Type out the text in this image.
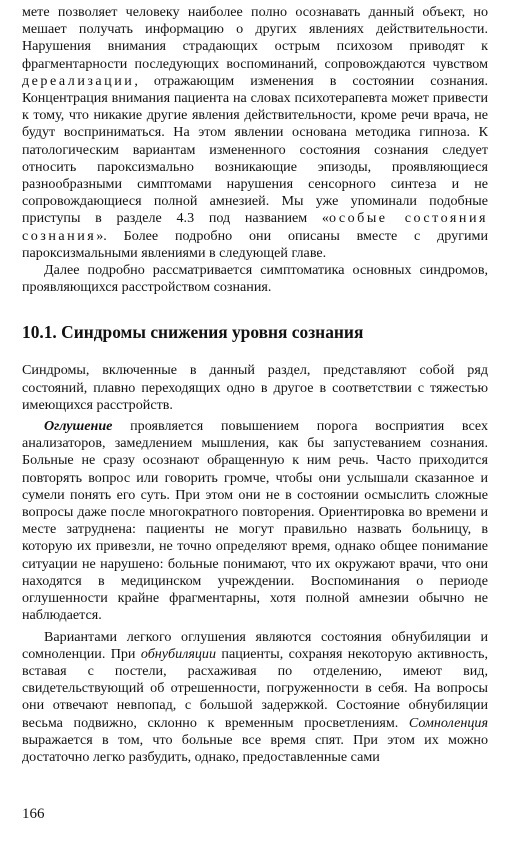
мете позволяет человеку наиболее полно осознавать данный объект, но мешает получать информацию о других явлениях действительности. Нарушения внимания страдающих острым психозом приводят к фрагментарности последующих воспоминаний, сопровождаются чувством дереализации, отражающим изменения в состоянии сознания. Концентрация внимания пациента на словах психотерапевта может привести к тому, что никакие другие явления действительности, кроме речи врача, не будут восприниматься. На этом явлении основана методика гипноза. К патологическим вариантам измененного состояния сознания следует относить пароксизмально возникающие эпизоды, проявляющиеся разнообразными симптомами нарушения сенсорного синтеза и не сопровождающиеся полной амнезией. Мы уже упоминали подобные приступы в разделе 4.3 под названием «особые состояния сознания». Более подробно они описаны вместе с другими пароксизмальными явлениями в следующей главе.

Далее подробно рассматривается симптоматика основных синдромов, проявляющихся расстройством сознания.

10.1. Синдромы снижения уровня сознания

Синдромы, включенные в данный раздел, представляют собой ряд состояний, плавно переходящих одно в другое в соответствии с тяжестью имеющихся расстройств.

Оглушение проявляется повышением порога восприятия всех анализаторов, замедлением мышления, как бы запустеванием сознания. Больные не сразу осознают обращенную к ним речь. Часто приходится повторять вопрос или говорить громче, чтобы они услышали сказанное и сумели понять его суть. При этом они не в состоянии осмыслить сложные вопросы даже после многократного повторения. Ориентировка во времени и месте затруднена: пациенты не могут правильно назвать больницу, в которую их привезли, не точно определяют время, однако общее понимание ситуации не нарушено: больные понимают, что их окружают врачи, что они находятся в медицинском учреждении. Воспоминания о периоде оглушенности крайне фрагментарны, хотя полной амнезии обычно не наблюдается.

Вариантами легкого оглушения являются состояния обнубиляции и сомноленции. При обнубиляции пациенты, сохраняя некоторую активность, вставая с постели, расхаживая по отделению, имеют вид, свидетельствующий об отрешенности, погруженности в себя. На вопросы они отвечают невпопад, с большой задержкой. Состояние обнубиляции весьма подвижно, склонно к временным просветлениям. Сомноленция выражается в том, что больные все время спят. При этом их можно достаточно легко разбудить, однако, предоставленные сами

166
